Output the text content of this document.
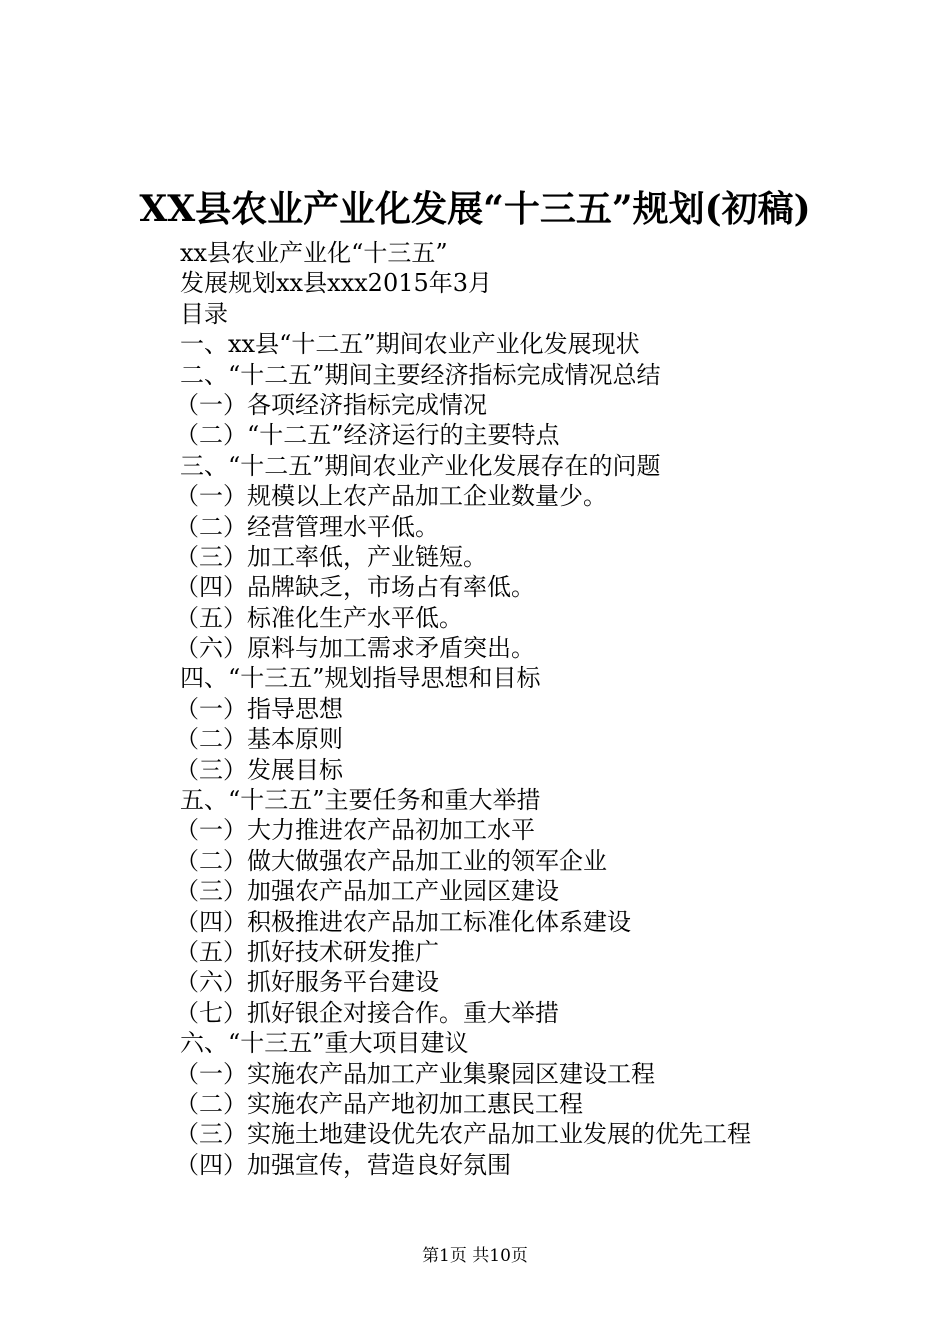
XX县农业产业化发展“十三五”规划(初稿)
xx县农业产业化“十三五”
发展规划xx县xxx2015年3月
目录
一、xx县“十二五”期间农业产业化发展现状
二、“十二五”期间主要经济指标完成情况总结
（一）各项经济指标完成情况
（二）“十二五”经济运行的主要特点
三、“十二五”期间农业产业化发展存在的问题
（一）规模以上农产品加工企业数量少。
（二）经营管理水平低。
（三）加工率低，产业链短。
（四）品牌缺乏，市场占有率低。
（五）标准化生产水平低。
（六）原料与加工需求矛盾突出。
四、“十三五”规划指导思想和目标
（一）指导思想
（二）基本原则
（三）发展目标
五、“十三五”主要任务和重大举措
（一）大力推进农产品初加工水平
（二）做大做强农产品加工业的领军企业
（三）加强农产品加工产业园区建设
（四）积极推进农产品加工标准化体系建设
（五）抓好技术研发推广
（六）抓好服务平台建设
（七）抓好银企对接合作。重大举措
六、“十三五”重大项目建议
（一）实施农产品加工产业集聚园区建设工程
（二）实施农产品产地初加工惠民工程
（三）实施土地建设优先农产品加工业发展的优先工程
（四）加强宣传，营造良好氛围
第1页 共10页
